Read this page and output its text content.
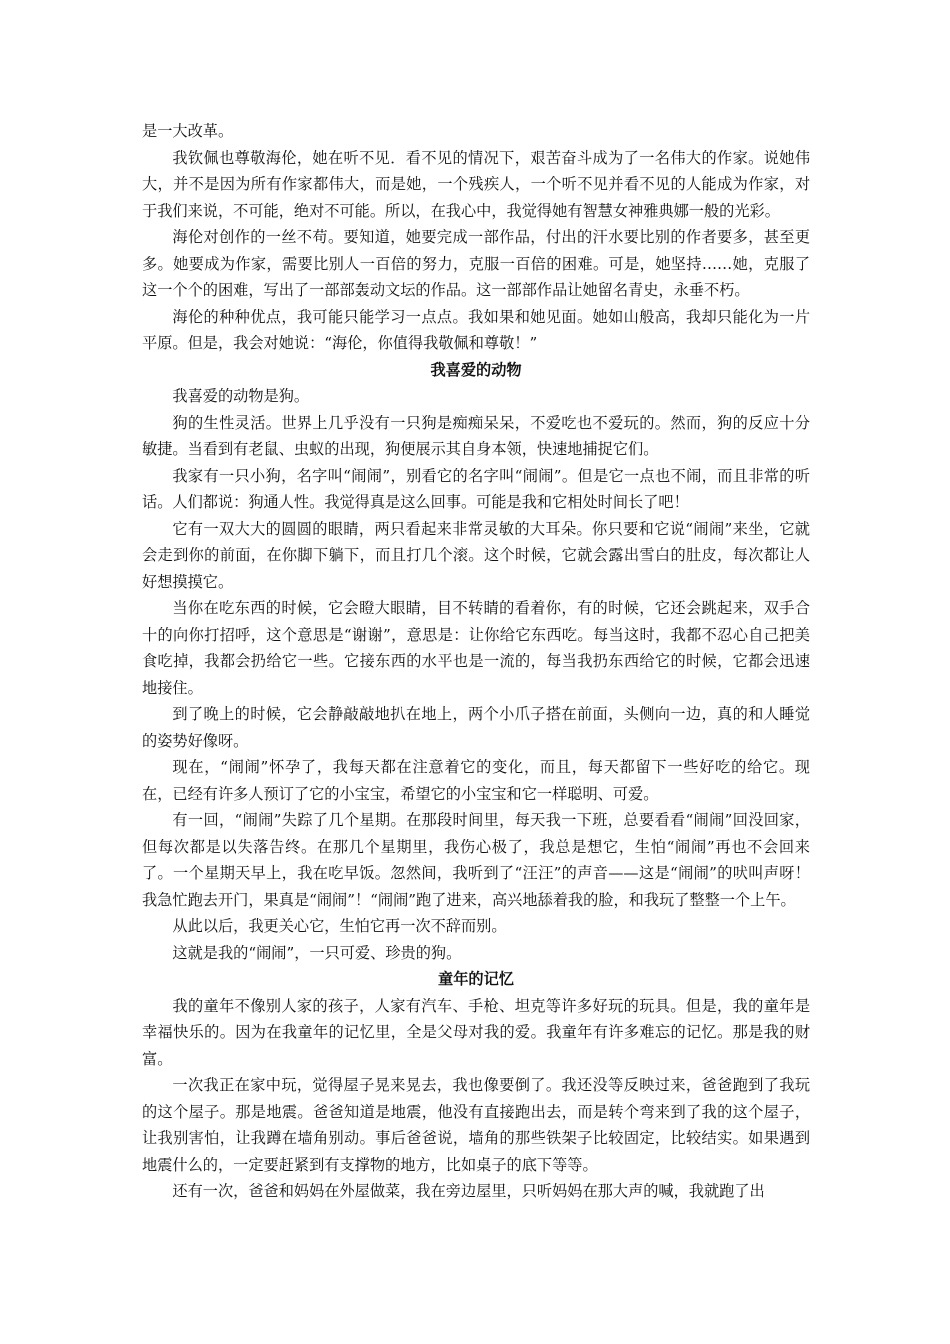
是一大改革。

我钦佩也尊敬海伦，她在听不见．看不见的情况下，艰苦奋斗成为了一名伟大的作家。说她伟大，并不是因为所有作家都伟大，而是她，一个残疾人，一个听不见并看不见的人能成为作家，对于我们来说，不可能，绝对不可能。所以，在我心中，我觉得她有智慧女神雅典娜一般的光彩。

海伦对创作的一丝不苟。要知道，她要完成一部作品，付出的汗水要比别的作者要多，甚至更多。她要成为作家，需要比别人一百倍的努力，克服一百倍的困难。可是，她坚持……她，克服了这一个个的困难，写出了一部部轰动文坛的作品。这一部部作品让她留名青史，永垂不朽。

海伦的种种优点，我可能只能学习一点点。我如果和她见面。她如山般高，我却只能化为一片平原。但是，我会对她说：“海伦，你值得我敬佩和尊敬！”

我喜爱的动物

我喜爱的动物是狗。

狗的生性灵活。世界上几乎没有一只狗是痴痴呆呆，不爱吃也不爱玩的。然而，狗的反应十分敏捷。当看到有老鼠、虫蚁的出现，狗便展示其自身本领，快速地捕捉它们。

我家有一只小狗，名字叫“闹闹”，别看它的名字叫“闹闹”。但是它一点也不闹，而且非常的听话。人们都说：狗通人性。我觉得真是这么回事。可能是我和它相处时间长了吧！

它有一双大大的圆圆的眼睛，两只看起来非常灵敏的大耳朵。你只要和它说“闹闹”来坐，它就会走到你的前面，在你脚下躺下，而且打几个滚。这个时候，它就会露出雪白的肚皮，每次都让人好想摸摸它。

当你在吃东西的时候，它会瞪大眼睛，目不转睛的看着你，有的时候，它还会跳起来，双手合十的向你打招呼，这个意思是“谢谢”，意思是：让你给它东西吃。每当这时，我都不忍心自己把美食吃掉，我都会扔给它一些。它接东西的水平也是一流的，每当我扔东西给它的时候，它都会迅速地接住。

到了晚上的时候，它会静敲敲地扒在地上，两个小爪子搭在前面，头侧向一边，真的和人睡觉的姿势好像呀。

现在，“闹闹”怀孕了，我每天都在注意着它的变化，而且，每天都留下一些好吃的给它。现在，已经有许多人预订了它的小宝宝，希望它的小宝宝和它一样聪明、可爱。

有一回，“闹闹”失踪了几个星期。在那段时间里，每天我一下班，总要看看“闹闹”回没回家，但每次都是以失落告终。在那几个星期里，我伤心极了，我总是想它，生怕“闹闹”再也不会回来了。一个星期天早上，我在吃早饭。忽然间，我听到了“汪汪”的声音——这是“闹闹”的吠叫声呀！我急忙跑去开门，果真是“闹闹”！“闹闹”跑了进来，高兴地舔着我的脸，和我玩了整整一个上午。

从此以后，我更关心它，生怕它再一次不辞而别。

这就是我的“闹闹”，一只可爱、珍贵的狗。

童年的记忆

我的童年不像别人家的孩子，人家有汽车、手枪、坦克等许多好玩的玩具。但是，我的童年是幸福快乐的。因为在我童年的记忆里，全是父母对我的爱。我童年有许多难忘的记忆。那是我的财富。

一次我正在家中玩，觉得屋子晃来晃去，我也像要倒了。我还没等反映过来，爸爸跑到了我玩的这个屋子。那是地震。爸爸知道是地震，他没有直接跑出去，而是转个弯来到了我的这个屋子，让我别害怕，让我蹲在墙角别动。事后爸爸说，墙角的那些铁架子比较固定，比较结实。如果遇到地震什么的，一定要赶紧到有支撑物的地方，比如桌子的底下等等。

还有一次，爸爸和妈妈在外屋做菜，我在旁边屋里，只听妈妈在那大声的喊，我就跑了出
